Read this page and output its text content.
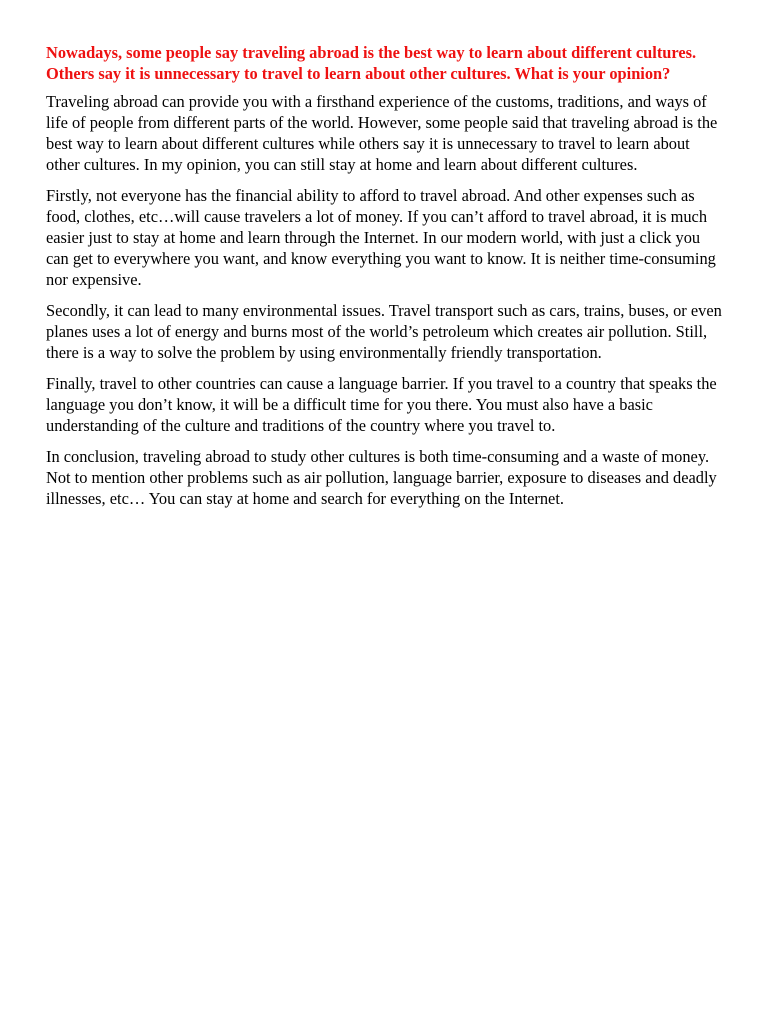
Nowadays, some people say traveling abroad is the best way to learn about different cultures. Others say it is unnecessary to travel to learn about other cultures. What is your opinion?

Traveling abroad can provide you with a firsthand experience of the customs, traditions, and ways of life of people from different parts of the world. However, some people said that traveling abroad is the best way to learn about different cultures while others say it is unnecessary to travel to learn about other cultures. In my opinion, you can still stay at home and learn about different cultures.

Firstly, not everyone has the financial ability to afford to travel abroad. And other expenses such as food, clothes, etc…will cause travelers a lot of money. If you can’t afford to travel abroad, it is much easier just to stay at home and learn through the Internet. In our modern world, with just a click you can get to everywhere you want, and know everything you want to know. It is neither time-consuming nor expensive.

Secondly, it can lead to many environmental issues. Travel transport such as cars, trains, buses, or even planes uses a lot of energy and burns most of the world’s petroleum which creates air pollution. Still, there is a way to solve the problem by using environmentally friendly transportation.

Finally, travel to other countries can cause a language barrier. If you travel to a country that speaks the language you don’t know, it will be a difficult time for you there. You must also have a basic understanding of the culture and traditions of the country where you travel to.

In conclusion, traveling abroad to study other cultures is both time-consuming and a waste of money. Not to mention other problems such as air pollution, language barrier, exposure to diseases and deadly illnesses, etc… You can stay at home and search for everything on the Internet.
